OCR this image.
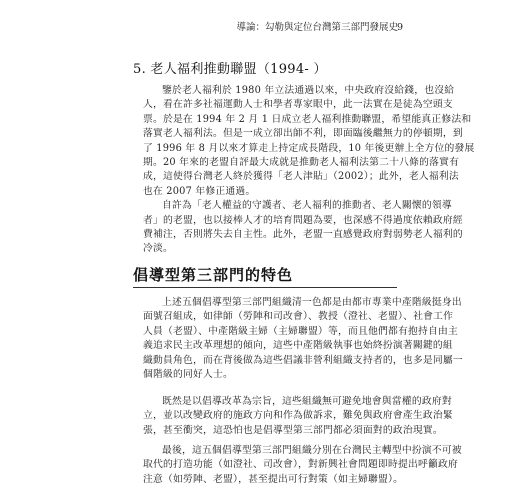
導論：勾勒與定位台灣第三部門發展史
9
5. 老人福利推動聯盟（1994- ）

鑒於老人福利於 1980 年立法通過以來，中央政府沒給錢，也沒給
人，看在許多社福運動人士和學者專家眼中，此一法實在是徒為空頭支
票。於是在 1994 年 2 月 1 日成立老人福利推動聯盟，希望能真正修法和
落實老人福利法。但是一成立卻出師不利，即面臨後繼無力的停頓期，到
了 1996 年 8 月以來才算走上持定成長階段，10 年後更辦上全方位的發展
期。20 年來的老盟自評最大成就是推動老人福利法第二十八條的落實有
成，這使得台灣老人終於獲得「老人津貼」（2002）；此外，老人福利法
也在 2007 年修正通過。
自許為「老人權益的守護者、老人福利的推動者、老人關懷的領導
者」的老盟，也以接棒人才的培育問題為要，也深感不得過度依賴政府經
費補注，否則將失去自主性。此外，老盟一直感覺政府對弱勢老人福利的
冷淡。

倡導型第三部門的特色

上述五個倡導型第三部門組織清一色都是由都市專業中產階級挺身出
面號召組成，如律師（勞陣和司改會）、教授（澄社、老盟）、社會工作
人員（老盟）、中產階級主婦（主婦聯盟）等，而且他們都有抱持自由主
義追求民主改革理想的傾向，這些中產階級執事也始終扮演著關鍵的組
織動員角色，而在背後做為這些倡議非營利組織支持者的，也多是同屬一
個階級的同好人士。

既然是以倡導改革為宗旨，這些組織無可避免地會與當權的政府對
立，並以改變政府的施政方向和作為做訴求，難免與政府會產生政治緊
張，甚至衝突，這恐怕也是倡導型第三部門都必須面對的政治現實。

最後，這五個倡導型第三部門組織分別在台灣民主轉型中扮演不可被
取代的打造功能（如澄社、司改會），對新興社會問題即時提出呼籲政府
注意（如勞陣、老盟），甚至提出可行對策（如主婦聯盟）。
